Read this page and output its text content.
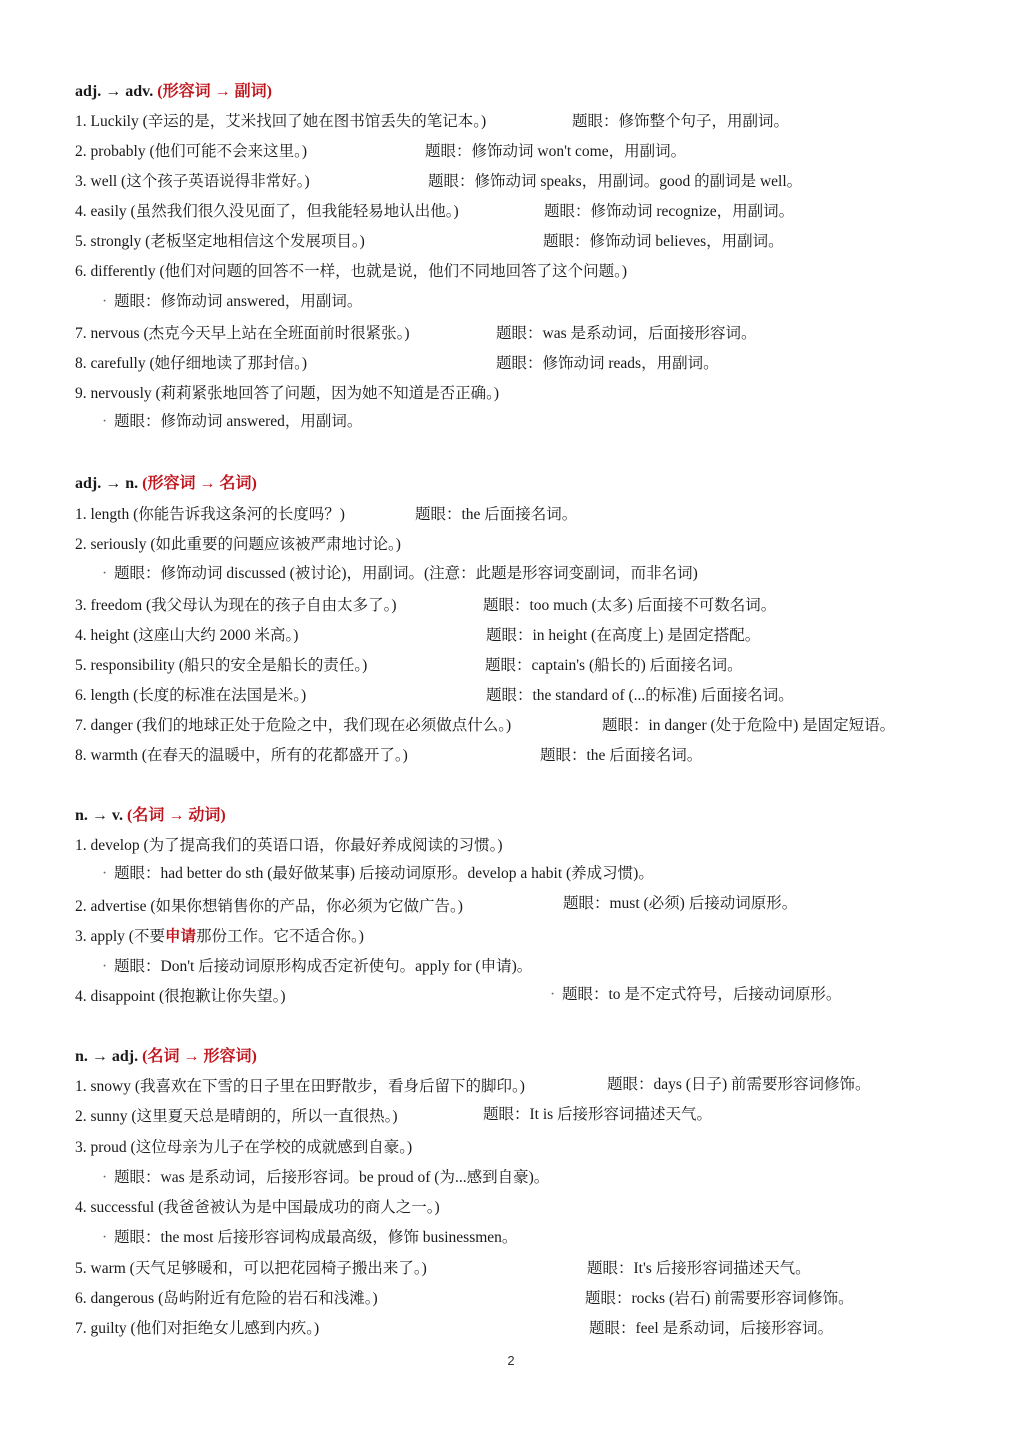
adj. → adv. (形容词 → 副词)
1. Luckily (辛运的是，艾米找回了她在图书馆丢失的笔记本。)	题眼：修饰整个句子，用副词。
2. probably (他们可能不会来这里。)	题眼：修饰动词 won't come，用副词。
3. well (这个孩子英语说得非常好。)	题眼：修饰动词 speaks，用副词。good 的副词是 well。
4. easily (虽然我们很久没见面了，但我能轻易地认出他。)	题眼：修饰动词 recognize，用副词。
5. strongly (老板坚定地相信这个发展项目。)	题眼：修饰动词 believes，用副词。
6. differently (他们对问题的回答不一样，也就是说，他们不同地回答了这个问题。)
· 题眼：修饰动词 answered，用副词。
7. nervous (杰克今天早上站在全班面前时很紧张。)	题眼：was 是系动词，后面接形容词。
8. carefully (她仔细地读了那封信。)	题眼：修饰动词 reads，用副词。
9. nervously (莉莉紧张地回答了问题，因为她不知道是否正确。)
· 题眼：修饰动词 answered，用副词。
adj. → n. (形容词 → 名词)
1. length (你能告诉我这条河的长度吗？)	题眼：the 后面接名词。
2. seriously (如此重要的问题应该被严肃地讨论。)
· 题眼：修饰动词 discussed (被讨论)，用副词。(注意：此题是形容词变副词，而非名词)
3. freedom (我父母认为现在的孩子自由太多了。)	题眼：too much (太多) 后面接不可数名词。
4. height (这座山大约 2000 米高。)	题眼：in height (在高度上) 是固定搭配。
5. responsibility (船只的安全是船长的责任。)	题眼：captain's (船长的) 后面接名词。
6. length (长度的标准在法国是米。)	题眼：the standard of (...的标准) 后面接名词。
7. danger (我们的地球正处于危险之中，我们现在必须做点什么。)	题眼：in danger (处于危险中) 是固定短语。
8. warmth (在春天的温暖中，所有的花都盛开了。)	题眼：the 后面接名词。
n. → v. (名词 → 动词)
1. develop (为了提高我们的英语口语，你最好养成阅读的习惯。)
· 题眼：had better do sth (最好做某事) 后接动词原形。develop a habit (养成习惯)。
2. advertise (如果你想销售你的产品，你必须为它做广告。)	题眼：must (必须) 后接动词原形。
3. apply (不要申请那份工作。它不适合你。)
· 题眼：Don't 后接动词原形构成否定祈使句。apply for (申请)。
4. disappoint (很抱歉让你失望。)	· 题眼：to 是不定式符号，后接动词原形。
n. → adj. (名词 → 形容词)
1. snowy (我喜欢在下雪的日子里在田野散步，看身后留下的脚印。)	题眼：days (日子) 前需要形容词修饰。
2. sunny (这里夏天总是晴朗的，所以一直很热。)	题眼：It is 后接形容词描述天气。
3. proud (这位母亲为儿子在学校的成就感到自豪。)
· 题眼：was 是系动词，后接形容词。be proud of (为...感到自豪)。
4. successful (我爸爸被认为是中国最成功的商人之一。)
· 题眼：the most 后接形容词构成最高级，修饰 businessmen。
5. warm (天气足够暖和，可以把花园椅子搬出来了。)	题眼：It's 后接形容词描述天气。
6. dangerous (岛屿附近有危险的岩石和浅滩。)	题眼：rocks (岩石) 前需要形容词修饰。
7. guilty (他们对拒绝女儿感到内疚。)	题眼：feel 是系动词，后接形容词。
2
